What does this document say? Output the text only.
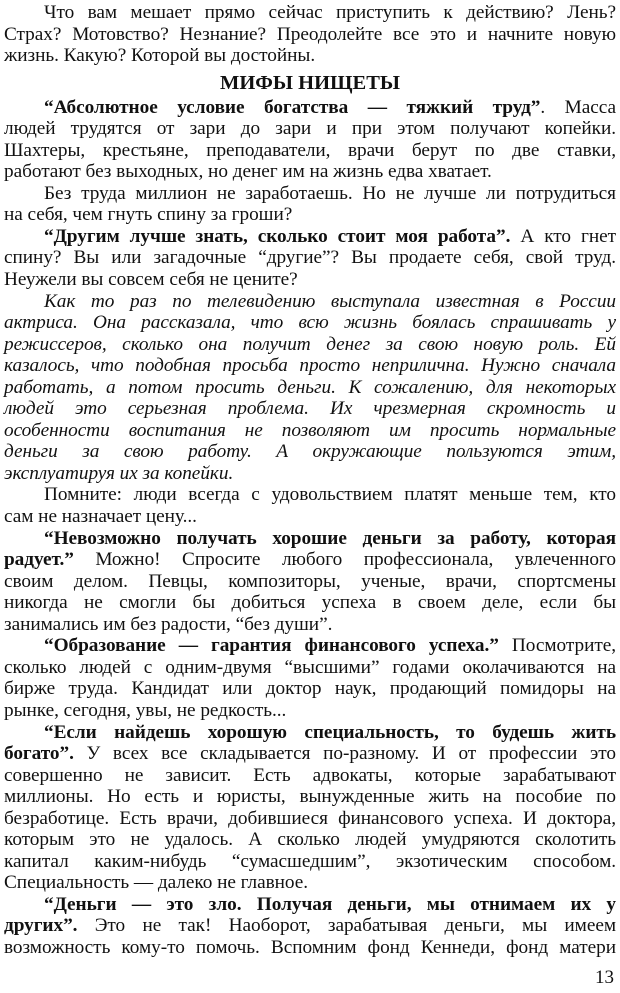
Что вам мешает прямо сейчас приступить к действию? Лень?
Страх? Мотовство? Незнание? Преодолейте все это и начните новую
жизнь. Какую? Которой вы достойны.
МИФЫ НИЩЕТЫ
“Абсолютное условие богатства — тяжкий труд”. Масса
людей трудятся от зари до зари и при этом получают копейки.
Шахтеры, крестьяне, преподаватели, врачи берут по две ставки,
работают без выходных, но денег им на жизнь едва хватает.
Без труда миллион не заработаешь. Но не лучше ли потрудиться
на себя, чем гнуть спину за гроши?
“Другим лучше знать, сколько стоит моя работа”. А кто гнет
спину? Вы или загадочные “другие”? Вы продаете себя, свой труд.
Неужели вы совсем себя не цените?
Как то раз по телевидению выступала известная в России
актриса. Она рассказала, что всю жизнь боялась спрашивать у
режиссеров, сколько она получит денег за свою новую роль. Ей
казалось, что подобная просьба просто неприлична. Нужно сначала
работать, а потом просить деньги. К сожалению, для некоторых
людей это серьезная проблема. Их чрезмерная скромность и
особенности воспитания не позволяют им просить нормальные
деньги за свою работу. А окружающие пользуются этим,
эксплуатируя их за копейки.
Помните: люди всегда с удовольствием платят меньше тем, кто
сам не назначает цену...
“Невозможно получать хорошие деньги за работу, которая
радует.” Можно! Спросите любого профессионала, увлеченного
своим делом. Певцы, композиторы, ученые, врачи, спортсмены
никогда не смогли бы добиться успеха в своем деле, если бы
занимались им без радости, “без души”.
“Образование — гарантия финансового успеха.” Посмотрите,
сколько людей с одним-двумя “высшими” годами околачиваются на
бирже труда. Кандидат или доктор наук, продающий помидоры на
рынке, сегодня, увы, не редкость...
“Если найдешь хорошую специальность, то будешь жить
богато”. У всех все складывается по-разному. И от профессии это
совершенно не зависит. Есть адвокаты, которые зарабатывают
миллионы. Но есть и юристы, вынужденные жить на пособие по
безработице. Есть врачи, добившиеся финансового успеха. И доктора,
которым это не удалось. А сколько людей умудряются сколотить
капитал каким-нибудь “сумасшедшим”, экзотическим способом.
Специальность — далеко не главное.
“Деньги — это зло. Получая деньги, мы отнимаем их у
других”. Это не так! Наоборот, зарабатывая деньги, мы имеем
возможность кому-то помочь. Вспомним фонд Кеннеди, фонд матери
13
